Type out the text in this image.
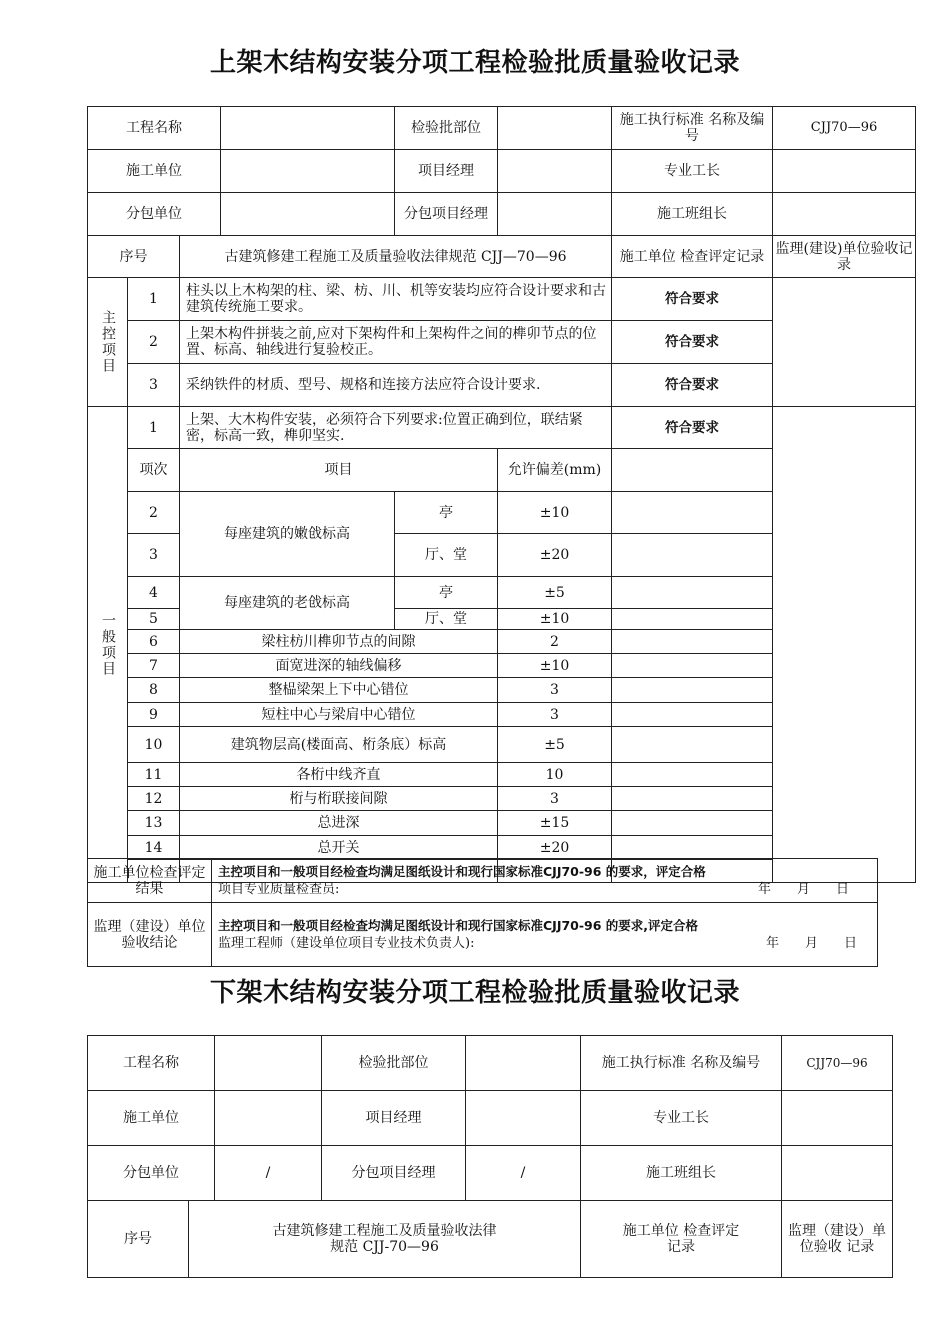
上架木结构安装分项工程检验批质量验收记录
工程名称				检验批部位		施工执行标准 名称及编号	CJJ70—96
施工单位				项目经理		专业工长	
分包单位				分包项目经理		施工班组长	
序号		古建筑修建工程施工及质量验收法律规范 CJJ—70—96				施工单位 检查评定记录	监理(建设)单位验收记录
主控项目	1	柱头以上木构架的柱、梁、枋、川、机等安装均应符合设计要求和古建筑传统施工要求。				符合要求	
	2	上架木构件拼装之前,应对下架构件和上架构件之间的榫卯节点的位置、标高、轴线进行复验校正。				符合要求	
	3	采纳铁件的材质、型号、规格和连接方法应符合设计要求.				符合要求	
一般项目	1	上架、大木构件安装，必须符合下列要求:位置正确到位，联结紧密，标高一致，榫卯坚实.				符合要求	
	项次	项目			允许偏差(mm)		
	2	每座建筑的嫩戗标高		亭	±10		
	3			厅、堂	±20		
	4	每座建筑的老戗标高		亭	±5		
	5			厅、堂	±10		
	6	梁柱枋川榫卯节点的间隙			2		
	7	面宽进深的轴线偏移			±10		
	8	整榀梁架上下中心错位			3		
	9	短柱中心与梁肩中心错位			3		
	10	建筑物层高(楼面高、桁条底）标高			±5		
	11	各桁中线齐直			10		
	12	桁与桁联接间隙			3		
	13	总进深			±15		
	14	总开关			±20		

施工单位检查评定结果	主控项目和一般项目经检查均满足图纸设计和现行国家标准CJJ70-96 的要求，评定合格
项目专业质量检查员: 年 月 日

监理（建设）单位验收结论	主控项目和一般项目经检查均满足图纸设计和现行国家标准CJJ70-96 的要求,评定合格
监理工程师（建设单位项目专业技术负责人): 年 月 日
下架木结构安装分项工程检验批质量验收记录
工程名称			检验批部位		施工执行标准 名称及编号	CJJ70—96
施工单位			项目经理		专业工长	
分包单位		/	分包项目经理	/	施工班组长	
序号	古建筑修建工程施工及质量验收法律规范 CJJ-70—96				施工单位 检查评定记录	监理（建设）单位验收 记录
